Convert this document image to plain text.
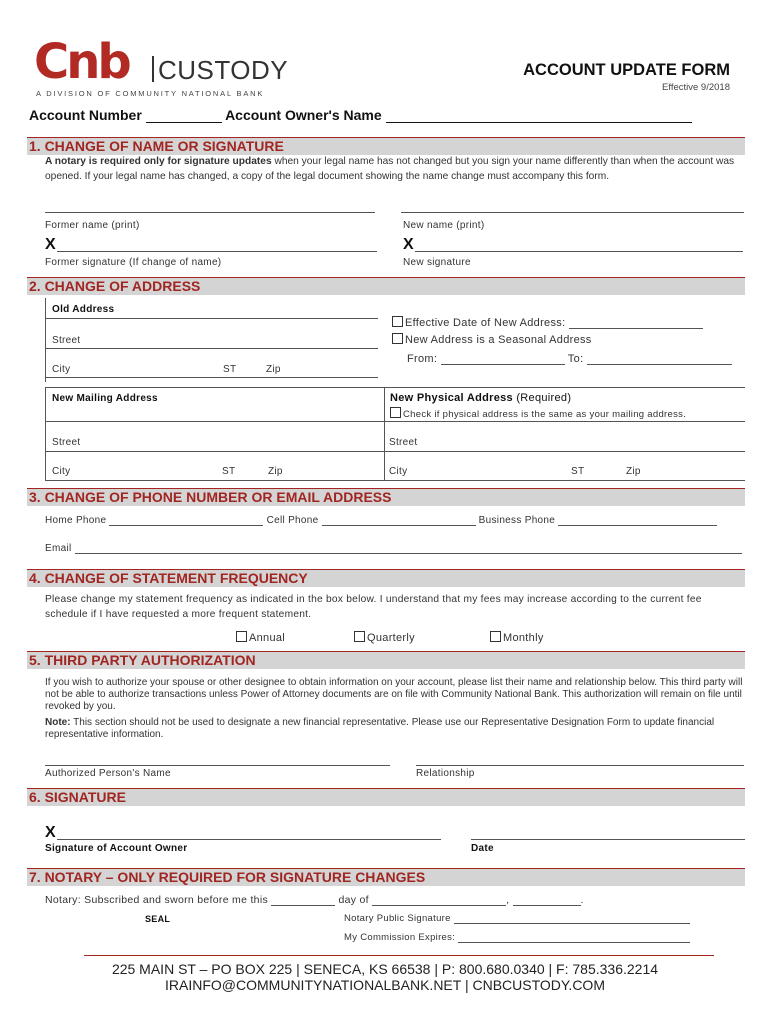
Cnb CUSTODY
A DIVISION OF COMMUNITY NATIONAL BANK
ACCOUNT UPDATE FORM
Effective 9/2018
Account Number	Account Owner's Name
1. CHANGE OF NAME OR SIGNATURE
A notary is required only for signature updates when your legal name has not changed but you sign your name differently than when the account was opened. If your legal name has changed, a copy of the legal document showing the name change must accompany this form.
Former name (print)	New name (print)
X	X
Former signature (If change of name)	New signature
2. CHANGE OF ADDRESS
Old Address
Street
City	ST	Zip
Effective Date of New Address:
New Address is a Seasonal Address
From:	To:
New Mailing Address	New Physical Address (Required)
Check if physical address is the same as your mailing address.
Street	Street
City	ST	Zip	City	ST	Zip
3. CHANGE OF PHONE NUMBER OR EMAIL ADDRESS
Home Phone	Cell Phone	Business Phone
Email
4. CHANGE OF STATEMENT FREQUENCY
Please change my statement frequency as indicated in the box below. I understand that my fees may increase according to the current fee schedule if I have requested a more frequent statement.
Annual	Quarterly	Monthly
5. THIRD PARTY AUTHORIZATION
If you wish to authorize your spouse or other designee to obtain information on your account, please list their name and relationship below. This third party will not be able to authorize transactions unless Power of Attorney documents are on file with Community National Bank. This authorization will remain on file until revoked by you.
Note: This section should not be used to designate a new financial representative. Please use our Representative Designation Form to update financial representative information.
Authorized Person's Name	Relationship
6. SIGNATURE
X
Signature of Account Owner	Date
7. NOTARY – ONLY REQUIRED FOR SIGNATURE CHANGES
Notary: Subscribed and sworn before me this	day of	,	.
SEAL	Notary Public Signature
My Commission Expires:
225 MAIN ST – PO BOX 225 | SENECA, KS 66538 | P: 800.680.0340 | F: 785.336.2214
IRAINFO@COMMUNITYNATIONALBANK.NET | CNBCUSTODY.COM
